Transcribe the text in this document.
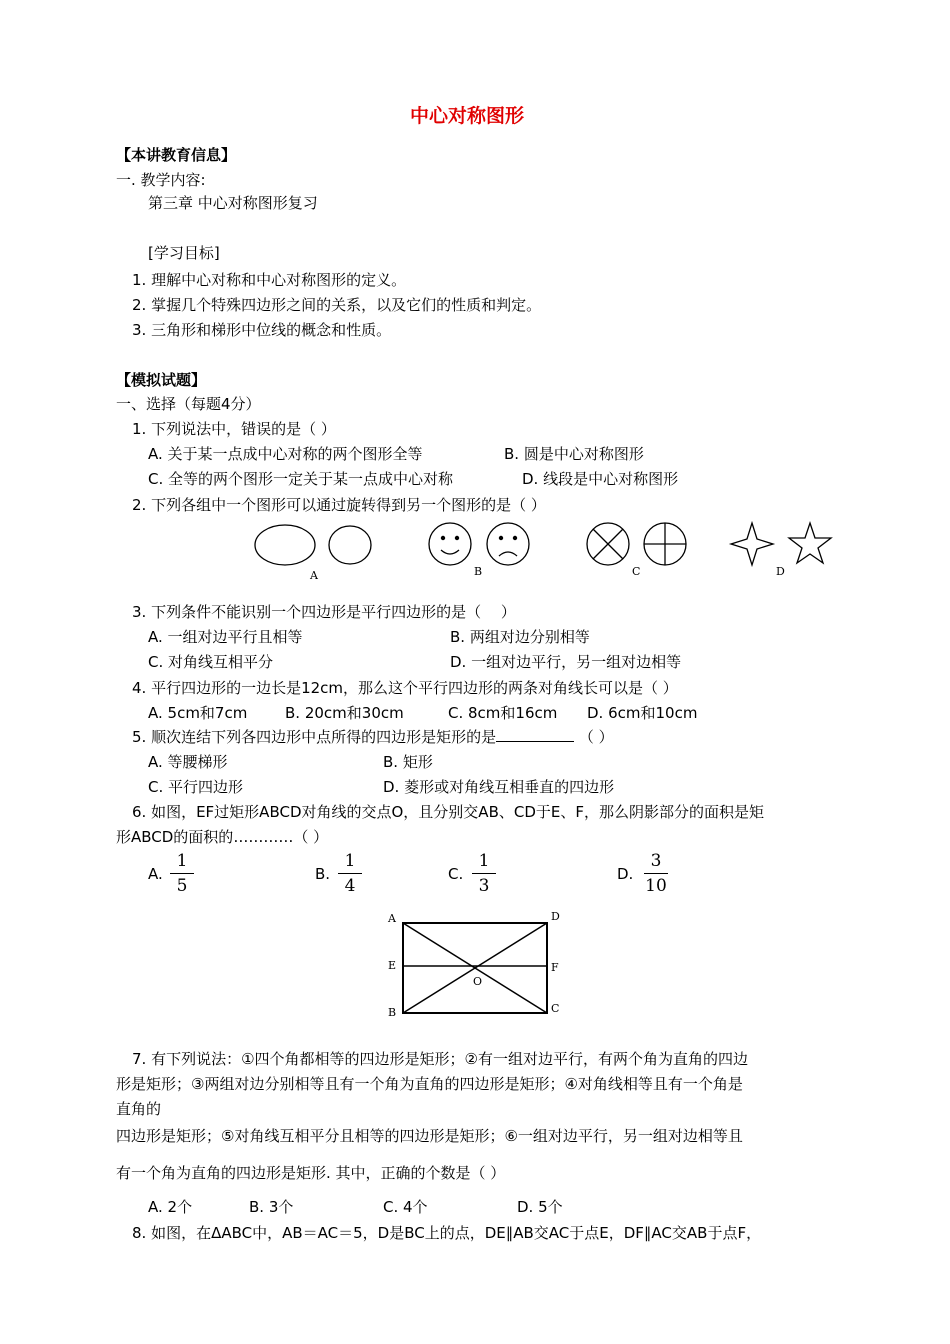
中心对称图形
【本讲教育信息】
一. 教学内容:
第三章 中心对称图形复习
[学习目标]
1. 理解中心对称和中心对称图形的定义。
2. 掌握几个特殊四边形之间的关系，以及它们的性质和判定。
3. 三角形和梯形中位线的概念和性质。
【模拟试题】
一、选择（每题4分）
1. 下列说法中，错误的是（ ）
A. 关于某一点成中心对称的两个图形全等	B. 圆是中心对称图形
C. 全等的两个图形一定关于某一点成中心对称	D. 线段是中心对称图形
2. 下列各组中一个图形可以通过旋转得到另一个图形的是（ ）
A	B	C	D
3. 下列条件不能识别一个四边形是平行四边形的是（　 ）
A. 一组对边平行且相等	B. 两组对边分别相等
C. 对角线互相平分	D. 一组对边平行，另一组对边相等
4. 平行四边形的一边长是12cm，那么这个平行四边形的两条对角线长可以是（ ）
A. 5cm和7cm	B. 20cm和30cm	C. 8cm和16cm D. 6cm和10cm
5. 顺次连结下列各四边形中点所得的四边形是矩形的是	（ ）
A. 等腰梯形	B. 矩形
C. 平行四边形	D. 菱形或对角线互相垂直的四边形
6. 如图，EF过矩形ABCD对角线的交点O，且分别交AB、CD于E、F，那么阴影部分的面积是矩
形ABCD的面积的…………（ ）
A.
1
5
B.
1
4
C.
1
3
D.
3
10
A	D
E	F
O
B	C
7. 有下列说法：①四个角都相等的四边形是矩形；②有一组对边平行，有两个角为直角的四边
形是矩形；③两组对边分别相等且有一个角为直角的四边形是矩形；④对角线相等且有一个角是
直角的
四边形是矩形；⑤对角线互相平分且相等的四边形是矩形；⑥一组对边平行，另一组对边相等且
有一个角为直角的四边形是矩形. 其中，正确的个数是（ ）
A. 2个	B. 3个	C. 4个	D. 5个
8. 如图，在ΔABC中，AB＝AC＝5，D是BC上的点，DE∥AB交AC于点E，DF∥AC交AB于点F，
